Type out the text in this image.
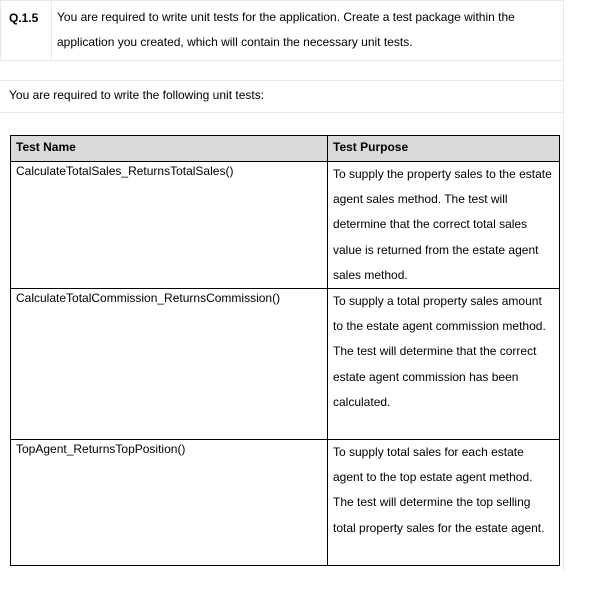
Q.1.5 You are required to write unit tests for the application. Create a test package within the application you created, which will contain the necessary unit tests.
You are required to write the following unit tests:
Test Name	Test Purpose
CalculateTotalSales_ReturnsTotalSales()	To supply the property sales to the estate agent sales method. The test will determine that the correct total sales value is returned from the estate agent sales method.
CalculateTotalCommission_ReturnsCommission()	To supply a total property sales amount to the estate agent commission method. The test will determine that the correct estate agent commission has been calculated.
TopAgent_ReturnsTopPosition()	To supply total sales for each estate agent to the top estate agent method. The test will determine the top selling total property sales for the estate agent.
